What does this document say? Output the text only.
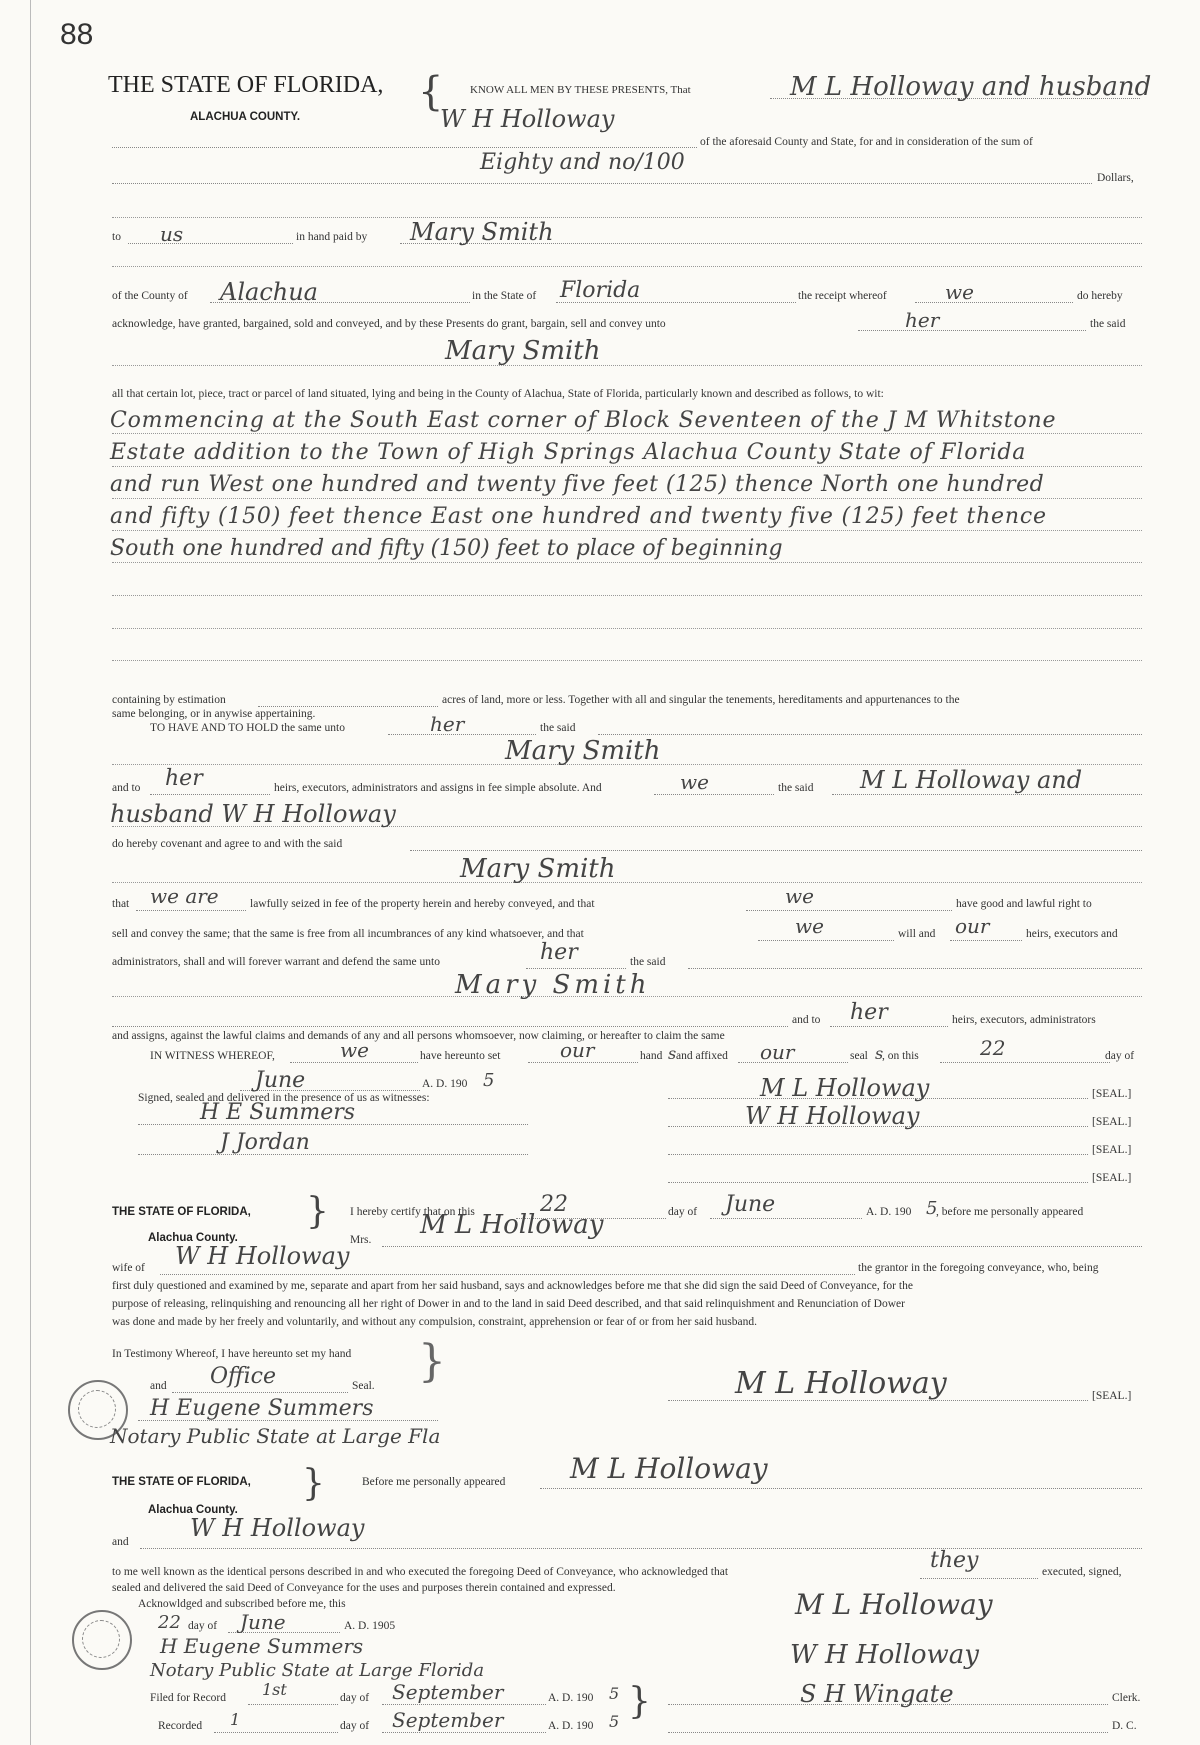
88
THE STATE OF FLORIDA,
ALACHUA COUNTY.
{ KNOW ALL MEN BY THESE PRESENTS, That	M L Holloway and husband
W H Holloway
of the aforesaid County and State, for and in consideration of the sum of
Eighty and no/100
Dollars,
to us	in hand paid by Mary Smith
of the County of Alachua	in the State of Florida	the receipt whereof	we	do hereby
acknowledge, have granted, bargained, sold and conveyed, and by these Presents do grant, bargain, sell and convey unto	her	the said
Mary Smith
all that certain lot, piece, tract or parcel of land situated, lying and being in the County of Alachua, State of Florida, particularly known and described as follows, to wit:
Commencing at the South East corner of Block Seventeen of the J M Whitstone
Estate addition to the Town of High Springs Alachua County State of Florida
and run West one hundred and twenty five feet (125) thence North one hundred
and fifty (150) feet thence East one hundred and twenty five (125) feet thence
South one hundred and fifty (150) feet to place of beginning
containing by estimation	acres of land, more or less. Together with all and singular the tenements, hereditaments and appurtenances to the
same belonging, or in anywise appertaining.
TO HAVE AND TO HOLD the same unto	her	the said
Mary Smith
and to her	heirs, executors, administrators and assigns in fee simple absolute. And	we	the said M L Holloway and
husband W H Holloway
do hereby covenant and agree to and with the said
Mary Smith
that we are	lawfully seized in fee of the property herein and hereby conveyed, and that	we	have good and lawful right to
sell and convey the same; that the same is free from all incumbrances of any kind whatsoever, and that	we	will and our	heirs, executors and
administrators, shall and will forever warrant and defend the same unto	her	the said
Mary Smith
and to her	heirs, executors, administrators
and assigns, against the lawful claims and demands of any and all persons whomsoever, now claiming, or hereafter to claim the same
IN WITNESS WHEREOF,	we	have hereunto set	our	hand s and affixed our	seal s
, on this	22	day of
June	A. D. 190 5
Signed, sealed and delivered in the presence of us as witnesses:
H E Summers
J Jordan
M L Holloway	[SEAL.]
W H Holloway	[SEAL.]
[SEAL.]
[SEAL.]
THE STATE OF FLORIDA,
Alachua County.
} I hereby certify that on this	22	day of June	A. D. 190 5
, before me personally appeared
Mrs. M L Holloway
wife of W H Holloway	the grantor in the foregoing conveyance, who, being
first duly questioned and examined by me, separate and apart from her said husband, says and acknowledges before me that she did sign the said Deed of Conveyance, for the
purpose of releasing, relinquishing and renouncing all her right of Dower in and to the land in said Deed described, and that said relinquishment and Renunciation of Dower
was done and made by her freely and voluntarily, and without any compulsion, constraint, apprehension or fear of or from her said husband.
In Testimony Whereof, I have hereunto set my hand }
and Office	Seal.
H Eugene Summers
Notary Public State at Large Fla
M L Holloway	[SEAL.]
THE STATE OF FLORIDA,
Alachua County.
}	Before me personally appeared M L Holloway
and	W H Holloway
to me well known as the identical persons described in and who executed the foregoing Deed of Conveyance, who acknowledged that	they	executed, signed,
sealed and delivered the said Deed of Conveyance for the uses and purposes therein contained and expressed.
Acknowldged and subscribed before me, this
22 day of June	A. D. 1905
H Eugene Summers
Notary Public State at Large Florida
M L Holloway
W H Holloway
Filed for Record 1st	day of September	A. D. 190 5
Recorded 1	day of September	A. D. 190 5 }	S H Wingate	Clerk.
D. C.
